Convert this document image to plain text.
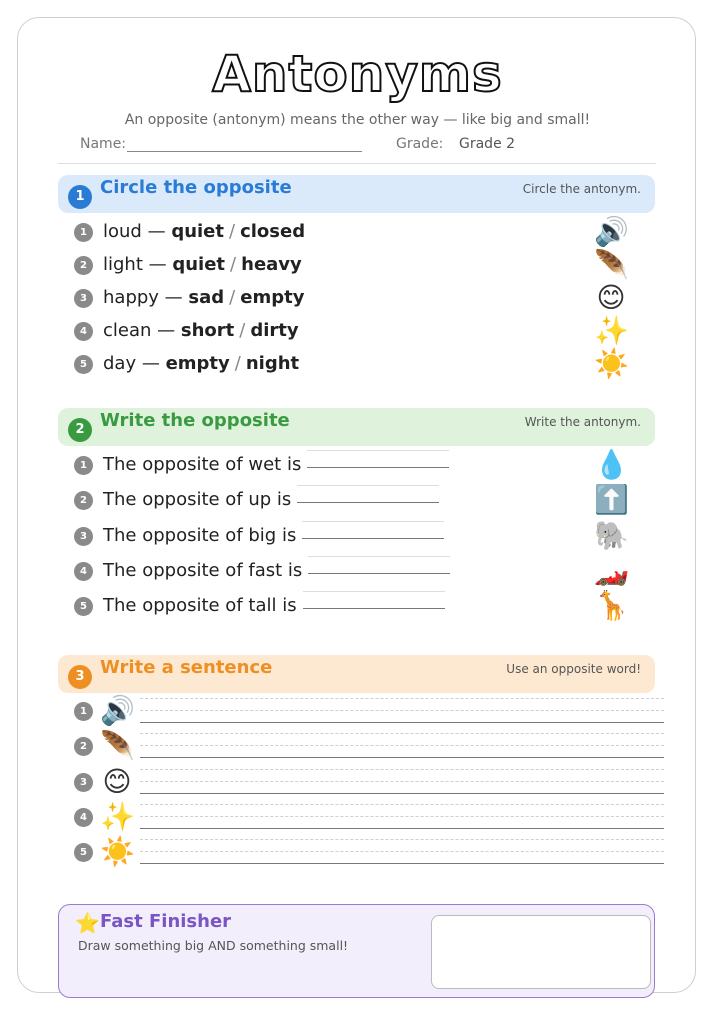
Antonyms
An opposite (antonym) means the other way — like big and small!
Name:	Grade: Grade 2
1 Circle the opposite	Circle the antonym.
1 loud — quiet / closed	🔊
2 light — quiet / heavy	🪶
3 happy — sad / empty	😊
4 clean — short / dirty	✨
5 day — empty / night	☀️
2 Write the opposite	Write the antonym.
1 The opposite of wet is	💧
2 The opposite of up is	⬆️
3 The opposite of big is	🐘
4 The opposite of fast is	🏎️
5 The opposite of tall is	🦒
3 Write a sentence	Use an opposite word!
1 🔊
2 🪶
3 😊
4 ✨
5 ☀️
⭐ Fast Finisher
Draw something big AND something small!
